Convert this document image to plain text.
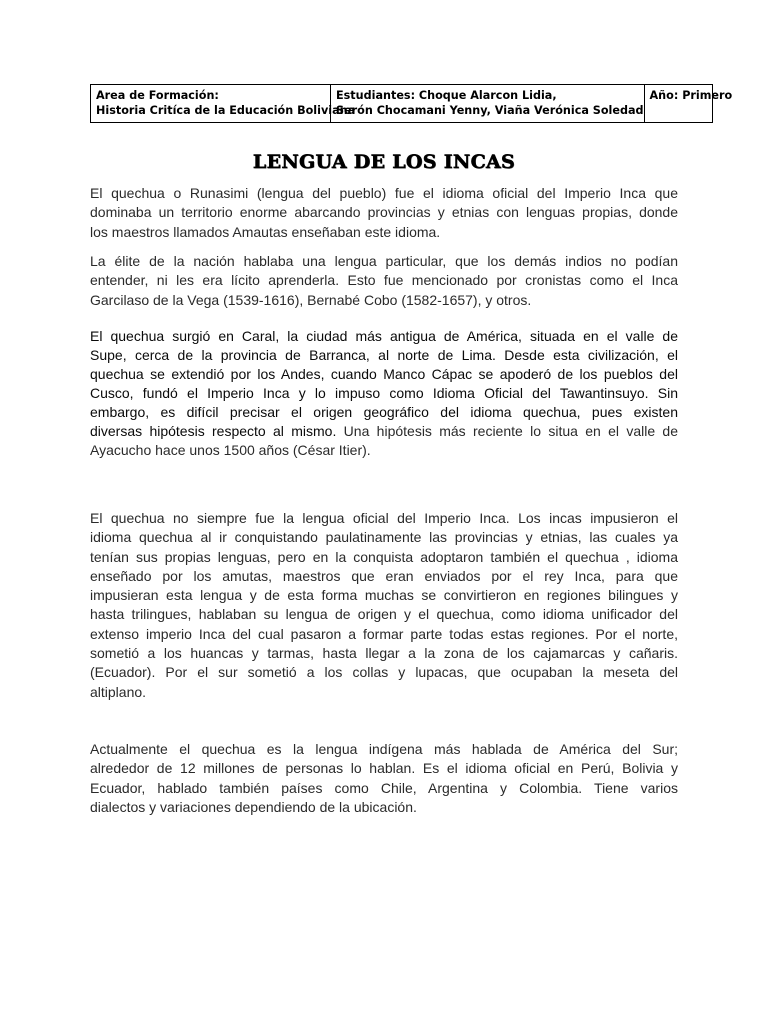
Area de Formación:
Historia Critíca de la Educación Boliviana
Estudiantes: Choque Alarcon Lidia,
Serón Chocamani Yenny, Viaña Verónica Soledad
Año: Primero
LENGUA DE LOS INCAS

El quechua o Runasimi (lengua del pueblo) fue el idioma oficial del Imperio Inca que
dominaba un territorio enorme abarcando provincias y etnias con lenguas propias, donde
los maestros llamados Amautas enseñaban este idioma.

La élite de la nación hablaba una lengua particular, que los demás indios no podían
entender, ni les era lícito aprenderla. Esto fue mencionado por cronistas como el Inca
Garcilaso de la Vega (1539-1616), Bernabé Cobo (1582-1657), y otros.

El quechua surgió en Caral, la ciudad más antigua de América, situada en el valle de
Supe, cerca de la provincia de Barranca, al norte de Lima. Desde esta civilización, el
quechua se extendió por los Andes, cuando Manco Cápac se apoderó de los pueblos del
Cusco, fundó el Imperio Inca y lo impuso como Idioma Oficial del Tawantinsuyo. Sin
embargo, es difícil precisar el origen geográfico del idioma quechua, pues existen
diversas hipótesis respecto al mismo. Una hipótesis más reciente lo situa en el valle de
Ayacucho hace unos 1500 años (César Itier).

El quechua no siempre fue la lengua oficial del Imperio Inca. Los incas impusieron el
idioma quechua al ir conquistando paulatinamente las provincias y etnias, las cuales ya
tenían sus propias lenguas, pero en la conquista adoptaron también el quechua , idioma
enseñado por los amutas, maestros que eran enviados por el rey Inca, para que
impusieran esta lengua y de esta forma muchas se convirtieron en regiones bilingues y
hasta trilingues, hablaban su lengua de origen y el quechua, como idioma unificador del
extenso imperio Inca del cual pasaron a formar parte todas estas regiones. Por el norte,
sometió a los huancas y tarmas, hasta llegar a la zona de los cajamarcas y cañaris.
(Ecuador). Por el sur sometió a los collas y lupacas, que ocupaban la meseta del
altiplano.

Actualmente el quechua es la lengua indígena más hablada de América del Sur;
alrededor de 12 millones de personas lo hablan. Es el idioma oficial en Perú, Bolivia y
Ecuador, hablado también países como Chile, Argentina y Colombia. Tiene varios
dialectos y variaciones dependiendo de la ubicación.
